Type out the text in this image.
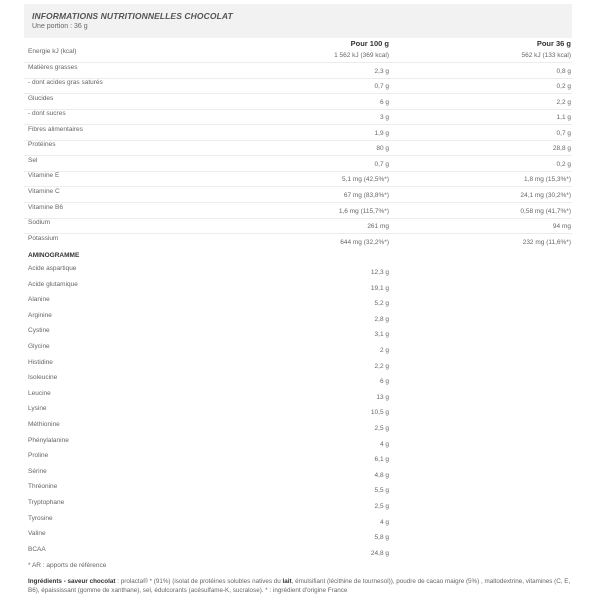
INFORMATIONS NUTRITIONNELLES CHOCOLAT
Une portion : 36 g
Pour 100 g	Pour 36 g
Energie kJ (kcal)
1 562 kJ (369 kcal)	562 kJ (133 kcal)
Matières grasses
2,3 g	0,8 g
- dont acides gras saturés
0,7 g	0,2 g
Glucides
6 g	2,2 g
- dont sucres
3 g	1,1 g
Fibres alimentaires
1,9 g	0,7 g
Protéines
80 g	28,8 g
Sel
0,7 g	0,2 g
Vitamine E
5,1 mg (42,5%*)	1,8 mg (15,3%*)
Vitamine C
67 mg (83,8%*)	24,1 mg (30,2%*)
Vitamine B6
1,6 mg (115,7%*)	0,58 mg (41,7%*)
Sodium
261 mg	94 mg
Potassium
644 mg (32,2%*)	232 mg (11,6%*)
AMINOGRAMME
Acide aspartique
12,3 g
Acide glutamique
19,1 g
Alanine
5,2 g
Arginine
2,8 g
Cystine
3,1 g
Glycine
2 g
Histidine
2,2 g
Isoleucine
6 g
Leucine
13 g
Lysine
10,5 g
Méthionine
2,5 g
Phénylalanine
4 g
Proline
6,1 g
Sérine
4,8 g
Thréonine
5,5 g
Tryptophane
2,5 g
Tyrosine
4 g
Valine
5,8 g
BCAA
24,8 g
* AR : apports de référence
Ingrédients - saveur chocolat : prolacta® * (91%) (isolat de protéines solubles natives du lait, émulsifiant (lécithine de tournesol)), poudre de cacao maigre (5%) , maltodextrine, vitamines (C, E, B6), épaississant (gomme de xanthane), sel, édulcorants (acésulfame-K, sucralose). * : ingrédient d'origine France
